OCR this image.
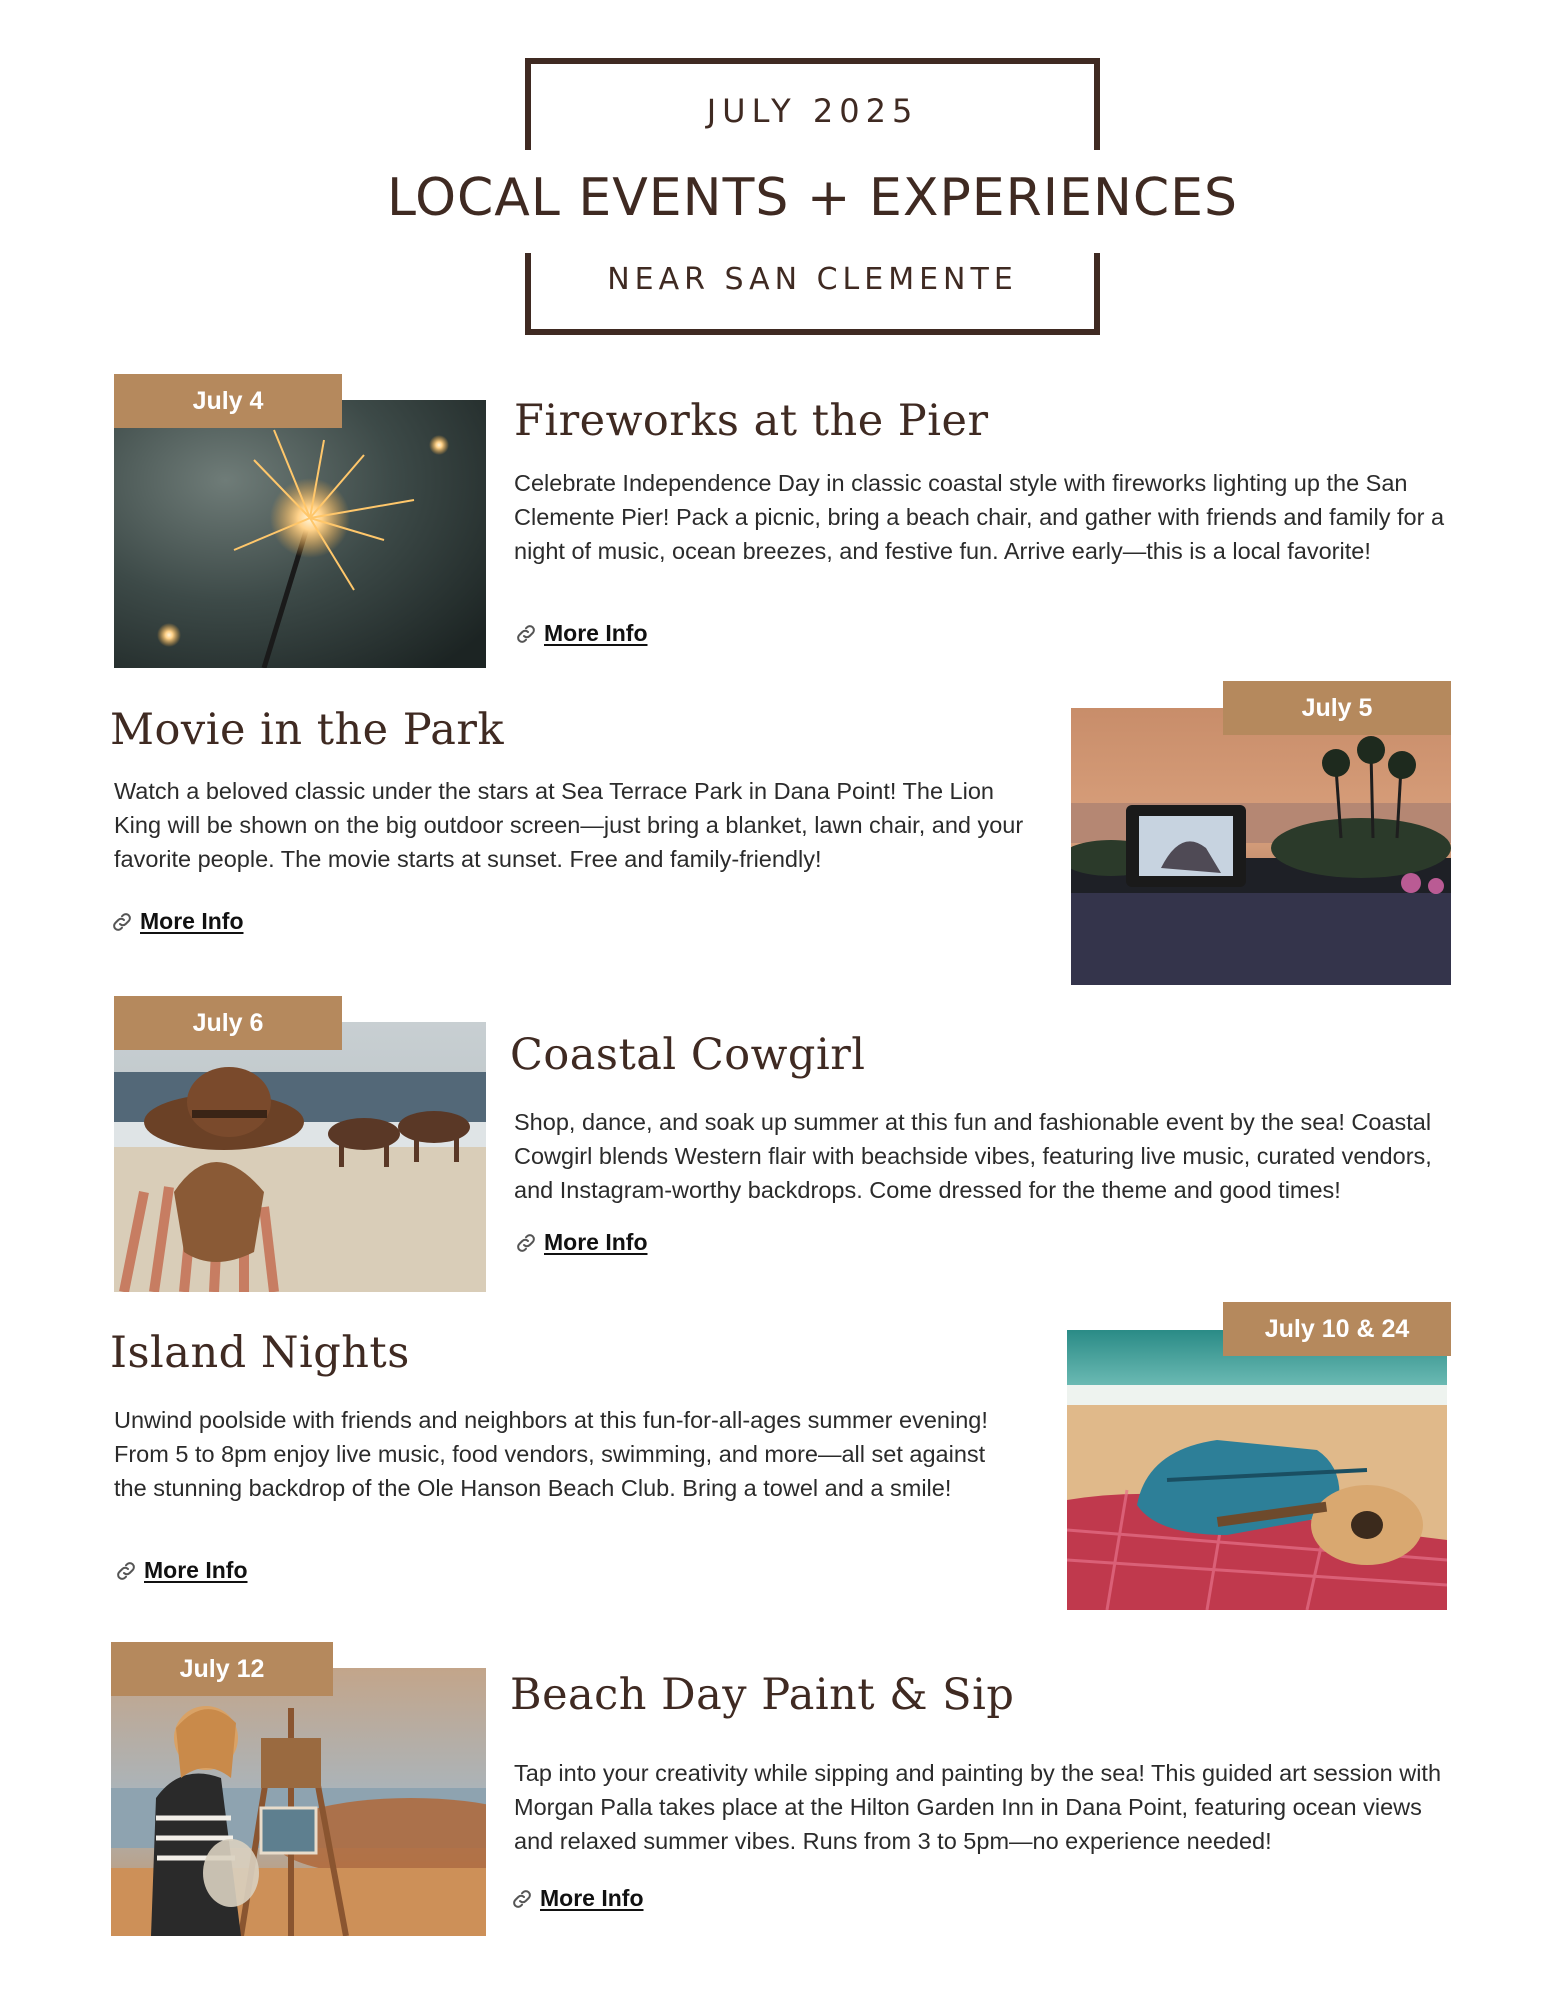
JULY 2025
LOCAL EVENTS + EXPERIENCES
NEAR SAN CLEMENTE
July 4	Fireworks at the Pier
Celebrate Independence Day in classic coastal style with fireworks lighting up the San Clemente Pier! Pack a picnic, bring a beach chair, and gather with friends and family for a night of music, ocean breezes, and festive fun. Arrive early—this is a local favorite!
More Info
July 5
Movie in the Park
Watch a beloved classic under the stars at Sea Terrace Park in Dana Point! The Lion King will be shown on the big outdoor screen—just bring a blanket, lawn chair, and your favorite people. The movie starts at sunset. Free and family-friendly!
More Info
July 6
Coastal Cowgirl
Shop, dance, and soak up summer at this fun and fashionable event by the sea! Coastal Cowgirl blends Western flair with beachside vibes, featuring live music, curated vendors, and Instagram-worthy backdrops. Come dressed for the theme and good times!
More Info
July 10 & 24
Island Nights
Unwind poolside with friends and neighbors at this fun-for-all-ages summer evening! From 5 to 8pm enjoy live music, food vendors, swimming, and more—all set against the stunning backdrop of the Ole Hanson Beach Club. Bring a towel and a smile!
More Info
July 12
Beach Day Paint & Sip
Tap into your creativity while sipping and painting by the sea! This guided art session with Morgan Palla takes place at the Hilton Garden Inn in Dana Point, featuring ocean views and relaxed summer vibes. Runs from 3 to 5pm—no experience needed!
More Info
